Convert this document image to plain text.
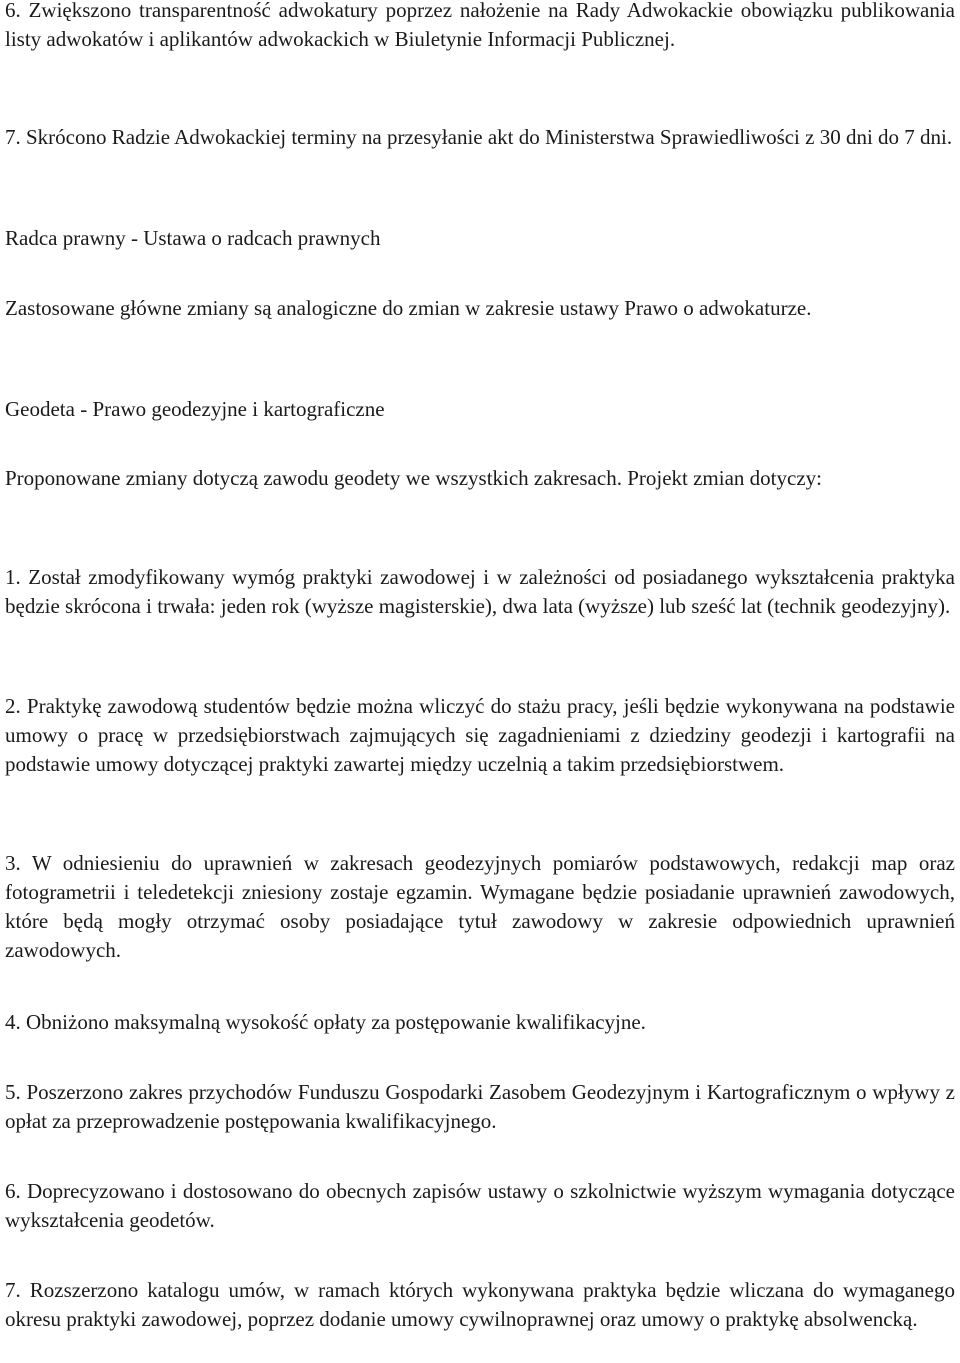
6. Zwiększono transparentność adwokatury poprzez nałożenie na Rady Adwokackie obowiązku publikowania listy adwokatów i aplikantów adwokackich w Biuletynie Informacji Publicznej.

7. Skrócono Radzie Adwokackiej terminy na przesyłanie akt do Ministerstwa Sprawiedliwości z 30 dni do 7 dni.

Radca prawny - Ustawa o radcach prawnych

Zastosowane główne zmiany są analogiczne do zmian w zakresie ustawy Prawo o adwokaturze.

Geodeta - Prawo geodezyjne i kartograficzne

Proponowane zmiany dotyczą zawodu geodety we wszystkich zakresach. Projekt zmian dotyczy:

1. Został zmodyfikowany wymóg praktyki zawodowej i w zależności od posiadanego wykształcenia praktyka będzie skrócona i trwała: jeden rok (wyższe magisterskie), dwa lata (wyższe) lub sześć lat (technik geodezyjny).

2. Praktykę zawodową studentów będzie można wliczyć do stażu pracy, jeśli będzie wykonywana na podstawie umowy o pracę w przedsiębiorstwach zajmujących się zagadnieniami z dziedziny geodezji i kartografii na podstawie umowy dotyczącej praktyki zawartej między uczelnią a takim przedsiębiorstwem.

3. W odniesieniu do uprawnień w zakresach geodezyjnych pomiarów podstawowych, redakcji map oraz fotogrametrii i teledetekcji zniesiony zostaje egzamin. Wymagane będzie posiadanie uprawnień zawodowych, które będą mogły otrzymać osoby posiadające tytuł zawodowy w zakresie odpowiednich uprawnień zawodowych.

4. Obniżono maksymalną wysokość opłaty za postępowanie kwalifikacyjne.

5. Poszerzono zakres przychodów Funduszu Gospodarki Zasobem Geodezyjnym i Kartograficznym o wpływy z opłat za przeprowadzenie postępowania kwalifikacyjnego.

6. Doprecyzowano i dostosowano do obecnych zapisów ustawy o szkolnictwie wyższym wymagania dotyczące wykształcenia geodetów.

7. Rozszerzono katalogu umów, w ramach których wykonywana praktyka będzie wliczana do wymaganego okresu praktyki zawodowej, poprzez dodanie umowy cywilnoprawnej oraz umowy o praktykę absolwencką.
